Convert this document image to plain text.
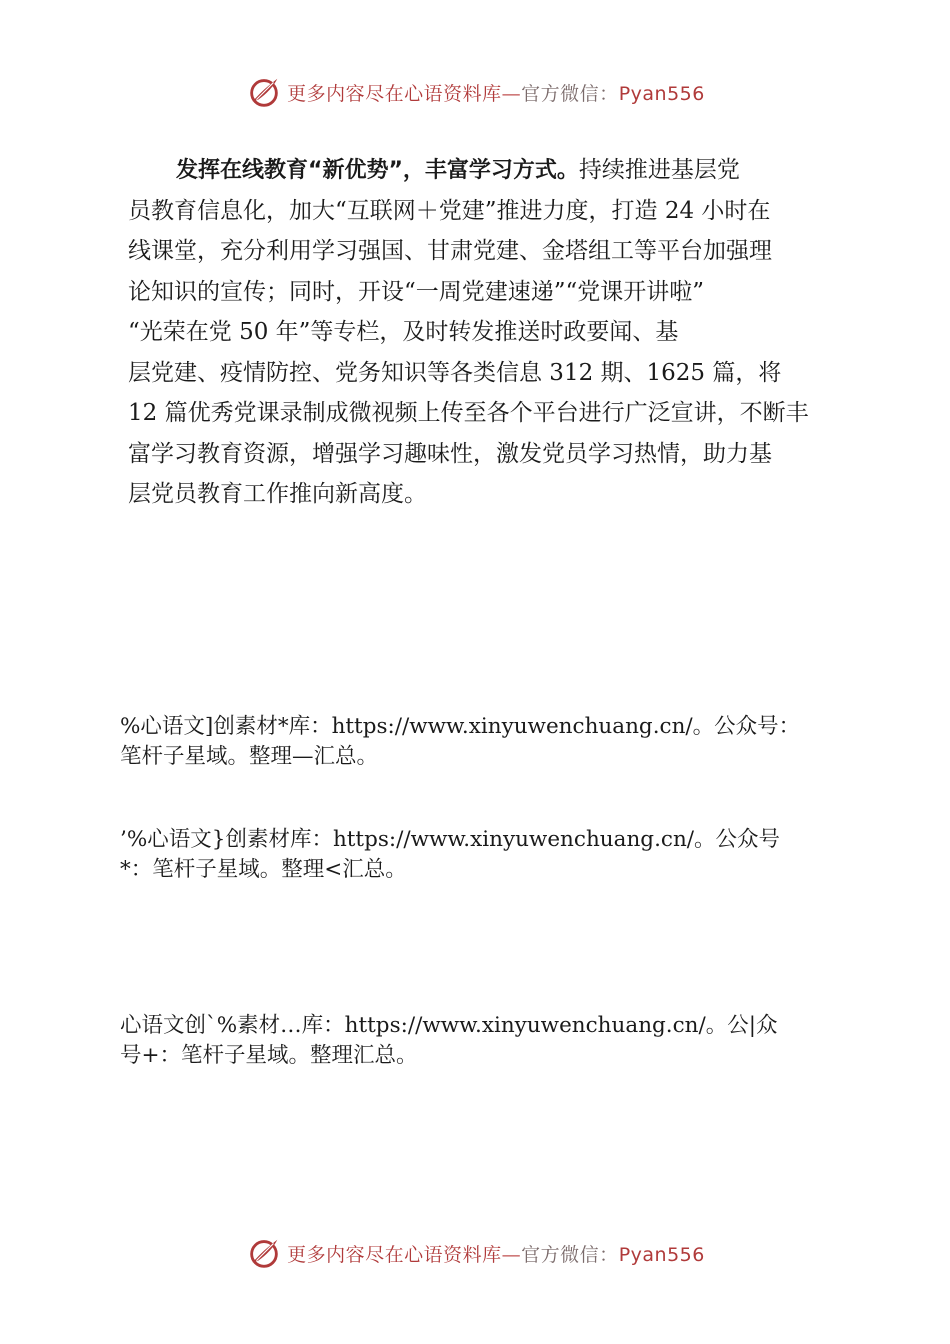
更多内容尽在心语资料库—官方微信：Pyan556
发挥在线教育“新优势”，丰富学习方式。持续推进基层党
员教育信息化，加大“互联网＋党建”推进力度，打造 24 小时在
线课堂，充分利用学习强国、甘肃党建、金塔组工等平台加强理
论知识的宣传；同时，开设“一周党建速递”“党课开讲啦”
“光荣在党 50 年”等专栏，及时转发推送时政要闻、基
层党建、疫情防控、党务知识等各类信息 312 期、1625 篇，将
12 篇优秀党课录制成微视频上传至各个平台进行广泛宣讲，不断丰
富学习教育资源，增强学习趣味性，激发党员学习热情，助力基
层党员教育工作推向新高度。
%心语文]创素材*库：https://www.xinyuwenchuang.cn/。公众号：
笔杆子星域。整理—汇总。
’%心语文}创素材库：https://www.xinyuwenchuang.cn/。公众号
*：笔杆子星域。整理<汇总。
心语文创`%素材…库：https://www.xinyuwenchuang.cn/。公|众
号+：笔杆子星域。整理汇总。
更多内容尽在心语资料库—官方微信：Pyan556
